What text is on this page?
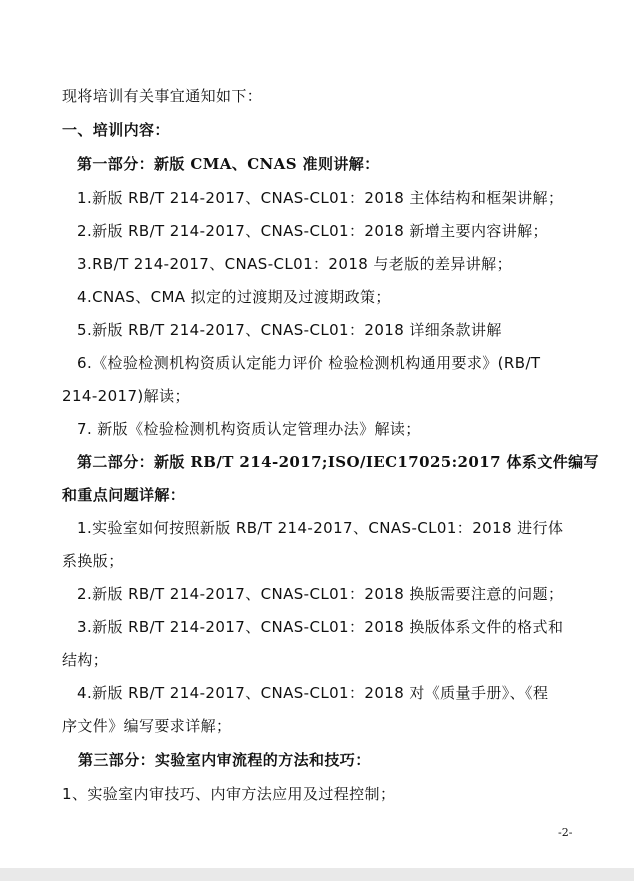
现将培训有关事宜通知如下：
一、培训内容：
第一部分：新版 CMA、CNAS 准则讲解：
1.新版 RB/T 214-2017、CNAS-CL01：2018 主体结构和框架讲解；
2.新版 RB/T 214-2017、CNAS-CL01：2018 新增主要内容讲解；
3.RB/T 214-2017、CNAS-CL01：2018 与老版的差异讲解；
4.CNAS、CMA 拟定的过渡期及过渡期政策；
5.新版 RB/T 214-2017、CNAS-CL01：2018 详细条款讲解
6.《检验检测机构资质认定能力评价 检验检测机构通用要求》(RB/T
214-2017)解读；
7. 新版《检验检测机构资质认定管理办法》解读；
第二部分：新版 RB/T 214-2017;ISO/IEC17025:2017 体系文件编写
和重点问题详解：
1.实验室如何按照新版 RB/T 214-2017、CNAS-CL01：2018 进行体
系换版；
2.新版 RB/T 214-2017、CNAS-CL01：2018 换版需要注意的问题；
3.新版 RB/T 214-2017、CNAS-CL01：2018 换版体系文件的格式和
结构；
4.新版 RB/T 214-2017、CNAS-CL01：2018 对《质量手册》、《程
序文件》编写要求详解；
第三部分：实验室内审流程的方法和技巧：
1、实验室内审技巧、内审方法应用及过程控制；
-2-
